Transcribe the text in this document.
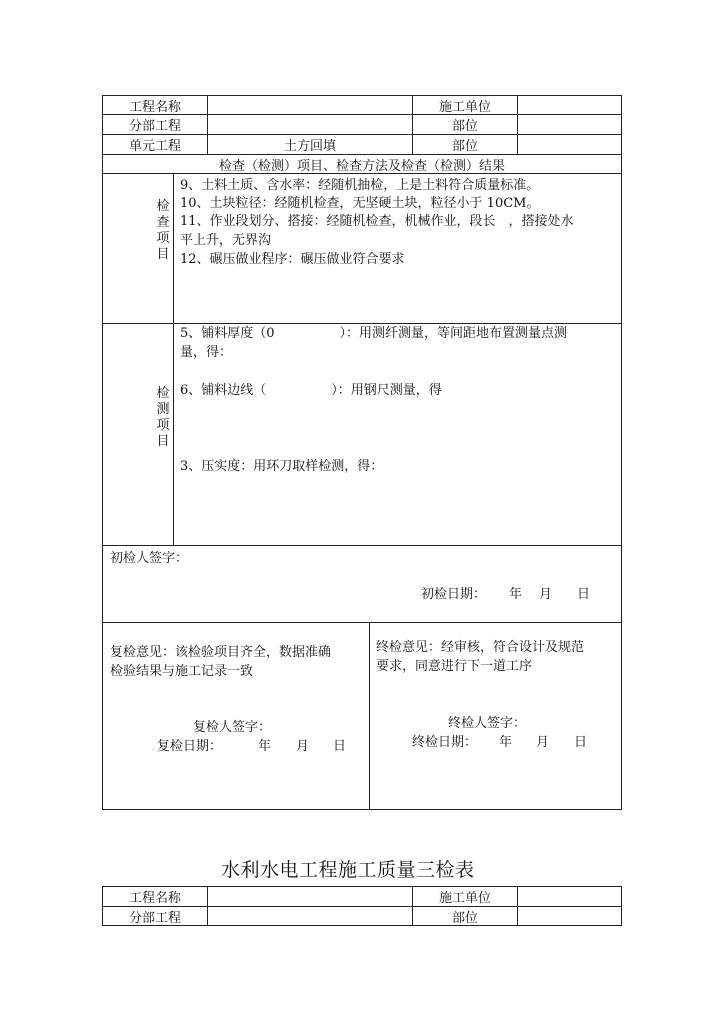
工程名称	施工单位
分部工程	部位
单元工程	土方回填	部位
检查（检测）项目、检查方法及检查（检测）结果
检
查
项
目
9、土料土质、含水率：经随机抽检，上是土料符合质量标准。
10、土块粒径：经随机检查，无坚硬土块，粒径小于 10CM。
11、作业段划分、搭接：经随机检查，机械作业，段长　，搭接处水
平上升，无界沟
12、碾压做业程序：碾压做业符合要求
检
测
项
目
5、铺料厚度（0　　　　　）：用测纤测量，等间距地布置测量点测
量，得：
6、铺料边线（　　　　　）：用钢尺测量，得
3、压实度：用环刀取样检测，得：
初检人签字：
初检日期： 年 月 日
复检意见：该检验项目齐全，数据准确
检验结果与施工记录一致
复检人签字：
复检日期：	年 月 日
终检意见：经审核，符合设计及规范
要求，同意进行下一道工序
终检人签字：
终检日期： 年 月 日
水利水电工程施工质量三检表
工程名称	施工单位
分部工程	部位
